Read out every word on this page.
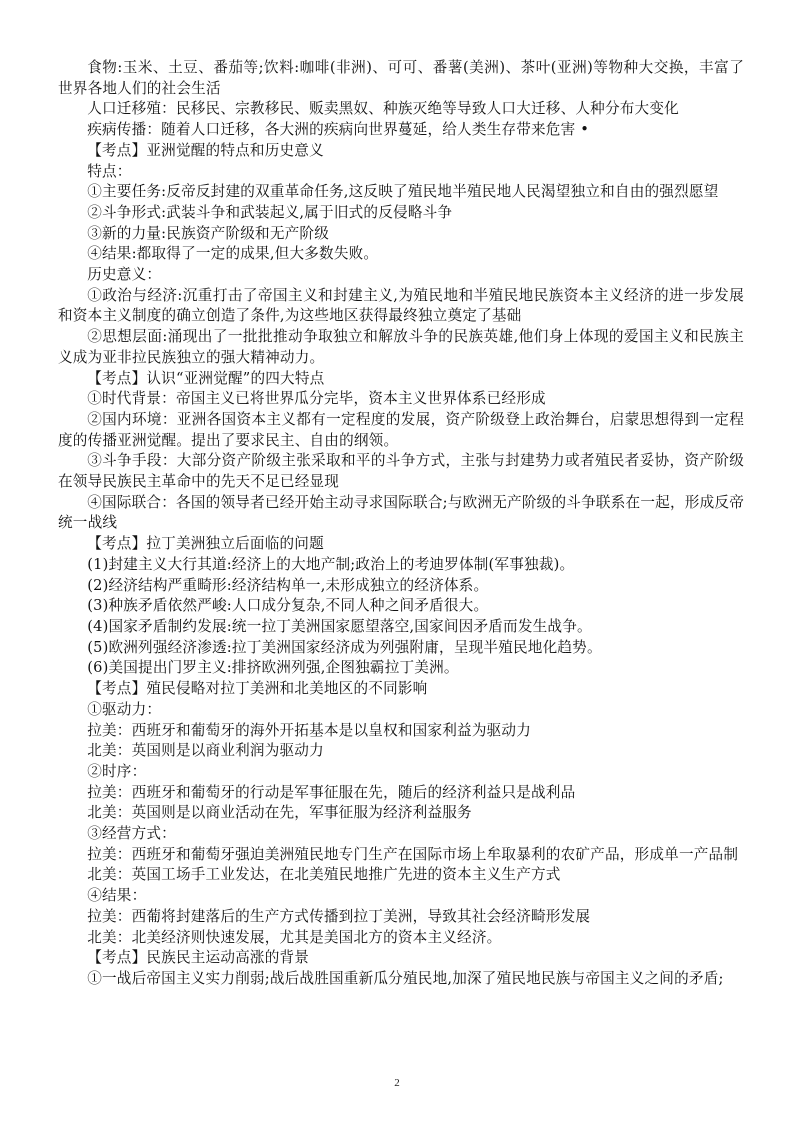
食物:玉米、土豆、番茄等;饮料:咖啡(非洲)、可可、番薯(美洲)、茶叶(亚洲)等物种大交换，丰富了世界各地人们的社会生活

人口迁移殖：民移民、宗教移民、贩卖黑奴、种族灭绝等导致人口大迁移、人种分布大变化

疾病传播：随着人口迁移，各大洲的疾病向世界蔓延，给人类生存带来危害 •

【考点】亚洲觉醒的特点和历史意义

特点：

①主要任务:反帝反封建的双重革命任务,这反映了殖民地半殖民地人民渴望独立和自由的强烈愿望

②斗争形式:武装斗争和武装起义,属于旧式的反侵略斗争

③新的力量:民族资产阶级和无产阶级

④结果:都取得了一定的成果,但大多数失败。

历史意义：

①政治与经济:沉重打击了帝国主义和封建主义,为殖民地和半殖民地民族资本主义经济的进一步发展和资本主义制度的确立创造了条件,为这些地区获得最终独立奠定了基础

②思想层面:涌现出了一批批推动争取独立和解放斗争的民族英雄,他们身上体现的爱国主义和民族主义成为亚非拉民族独立的强大精神动力。

【考点】认识“亚洲觉醒”的四大特点

①时代背景：帝国主义已将世界瓜分完毕，资本主义世界体系已经形成

②国内环境：亚洲各国资本主义都有一定程度的发展，资产阶级登上政治舞台，启蒙思想得到一定程度的传播亚洲觉醒。提出了要求民主、自由的纲领。

③斗争手段：大部分资产阶级主张采取和平的斗争方式，主张与封建势力或者殖民者妥协，资产阶级在领导民族民主革命中的先天不足已经显现

④国际联合：各国的领导者已经开始主动寻求国际联合;与欧洲无产阶级的斗争联系在一起，形成反帝统一战线

【考点】拉丁美洲独立后面临的问题

(1)封建主义大行其道:经济上的大地产制;政治上的考迪罗体制(军事独裁)。

(2)经济结构严重畸形:经济结构单一,未形成独立的经济体系。

(3)种族矛盾依然严峻:人口成分复杂,不同人种之间矛盾很大。

(4)国家矛盾制约发展:统一拉丁美洲国家愿望落空,国家间因矛盾而发生战争。

(5)欧洲列强经济渗透:拉丁美洲国家经济成为列强附庸，呈现半殖民地化趋势。

(6)美国提出门罗主义:排挤欧洲列强,企图独霸拉丁美洲。

【考点】殖民侵略对拉丁美洲和北美地区的不同影响

①驱动力：

拉美：西班牙和葡萄牙的海外开拓基本是以皇权和国家利益为驱动力

北美：英国则是以商业利润为驱动力

②时序：

拉美：西班牙和葡萄牙的行动是军事征服在先，随后的经济利益只是战利品

北美：英国则是以商业活动在先，军事征服为经济利益服务

③经营方式：

拉美：西班牙和葡萄牙强迫美洲殖民地专门生产在国际市场上牟取暴利的农矿产品，形成单一产品制

北美：英国工场手工业发达，在北美殖民地推广先进的资本主义生产方式

④结果：

拉美：西葡将封建落后的生产方式传播到拉丁美洲，导致其社会经济畸形发展

北美：北美经济则快速发展，尤其是美国北方的资本主义经济。

【考点】民族民主运动高涨的背景

①一战后帝国主义实力削弱;战后战胜国重新瓜分殖民地,加深了殖民地民族与帝国主义之间的矛盾;

2
